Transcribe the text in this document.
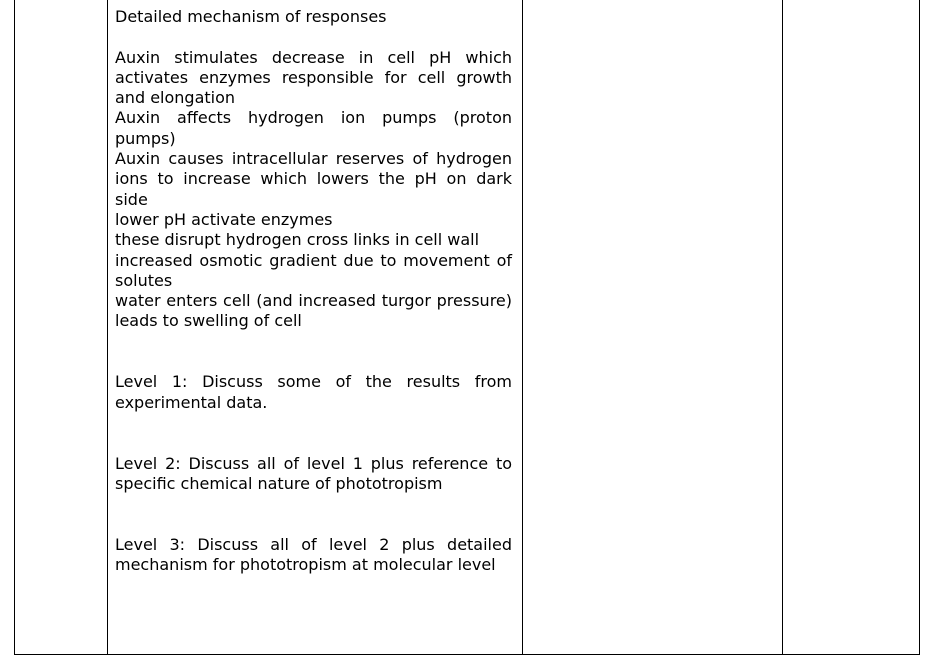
Detailed mechanism of responses
Auxin stimulates decrease in cell pH which activates enzymes responsible for cell growth and elongation
Auxin affects hydrogen ion pumps (proton pumps)
Auxin causes intracellular reserves of hydrogen ions to increase which lowers the pH on dark side
lower pH activate enzymes
these disrupt hydrogen cross links in cell wall
increased osmotic gradient due to movement of solutes
water enters cell (and increased turgor pressure) leads to swelling of cell
Level 1: Discuss some of the results from experimental data.
Level 2: Discuss all of level 1 plus reference to specific chemical nature of phototropism
Level 3: Discuss all of level 2 plus detailed mechanism for phototropism at molecular level
